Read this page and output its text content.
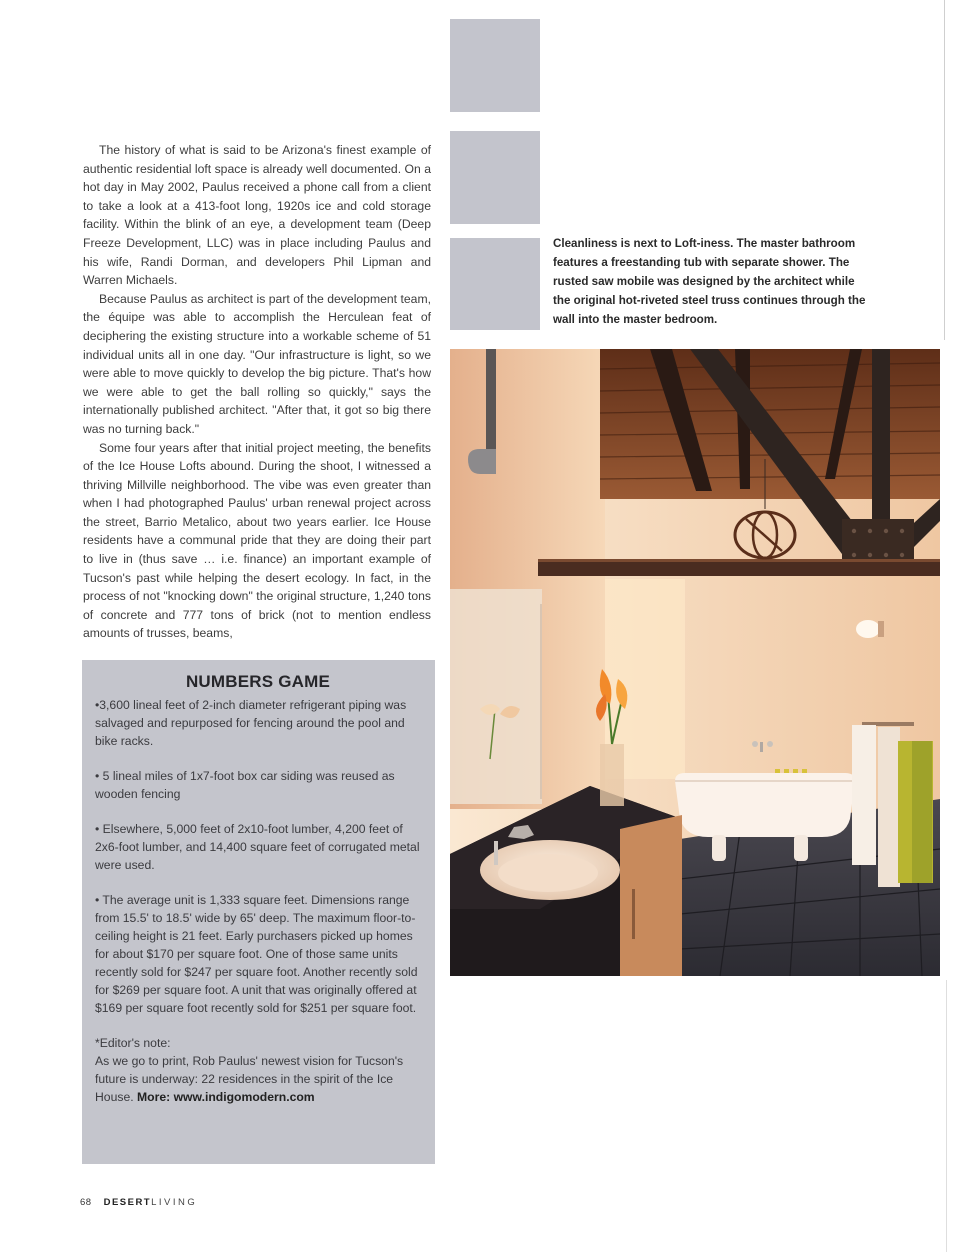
The history of what is said to be Arizona's finest example of authentic residential loft space is already well documented. On a hot day in May 2002, Paulus received a phone call from a client to take a look at a 413-foot long, 1920s ice and cold storage facility. Within the blink of an eye, a development team (Deep Freeze Development, LLC) was in place including Paulus and his wife, Randi Dorman, and developers Phil Lipman and Warren Michaels.

Because Paulus as architect is part of the development team, the équipe was able to accomplish the Herculean feat of deciphering the existing structure into a workable scheme of 51 individual units all in one day. "Our infrastructure is light, so we were able to move quickly to develop the big picture. That's how we were able to get the ball rolling so quickly," says the internationally published architect. "After that, it got so big there was no turning back."

Some four years after that initial project meeting, the benefits of the Ice House Lofts abound. During the shoot, I witnessed a thriving Millville neighborhood. The vibe was even greater than when I had photographed Paulus' urban renewal project across the street, Barrio Metalico, about two years earlier. Ice House residents have a communal pride that they are doing their part to live in (thus save … i.e. finance) an important example of Tucson's past while helping the desert ecology. In fact, in the process of not "knocking down" the original structure, 1,240 tons of concrete and 777 tons of brick (not to mention endless amounts of trusses, beams,

NUMBERS GAME

•3,600 lineal feet of 2-inch diameter refrigerant piping was salvaged and repurposed for fencing around the pool and bike racks.

• 5 lineal miles of 1x7-foot box car siding was reused as wooden fencing

• Elsewhere, 5,000 feet of 2x10-foot lumber, 4,200 feet of 2x6-foot lumber, and 14,400 square feet of corrugated metal were used.

• The average unit is 1,333 square feet. Dimensions range from 15.5' to 18.5' wide by 65' deep. The maximum floor-to-ceiling height is 21 feet. Early purchasers picked up homes for about $170 per square foot. One of those same units recently sold for $247 per square foot. Another recently sold for $269 per square foot. A unit that was originally offered at $169 per square foot recently sold for $251 per square foot.

*Editor's note:
As we go to print, Rob Paulus' newest vision for Tucson's future is underway: 22 residences in the spirit of the Ice House. More: www.indigomodern.com
Cleanliness is next to Loft-iness. The master bathroom features a freestanding tub with separate shower. The rusted saw mobile was designed by the architect while the original hot-riveted steel truss continues through the wall into the master bedroom.
68 DESERTLIVING
